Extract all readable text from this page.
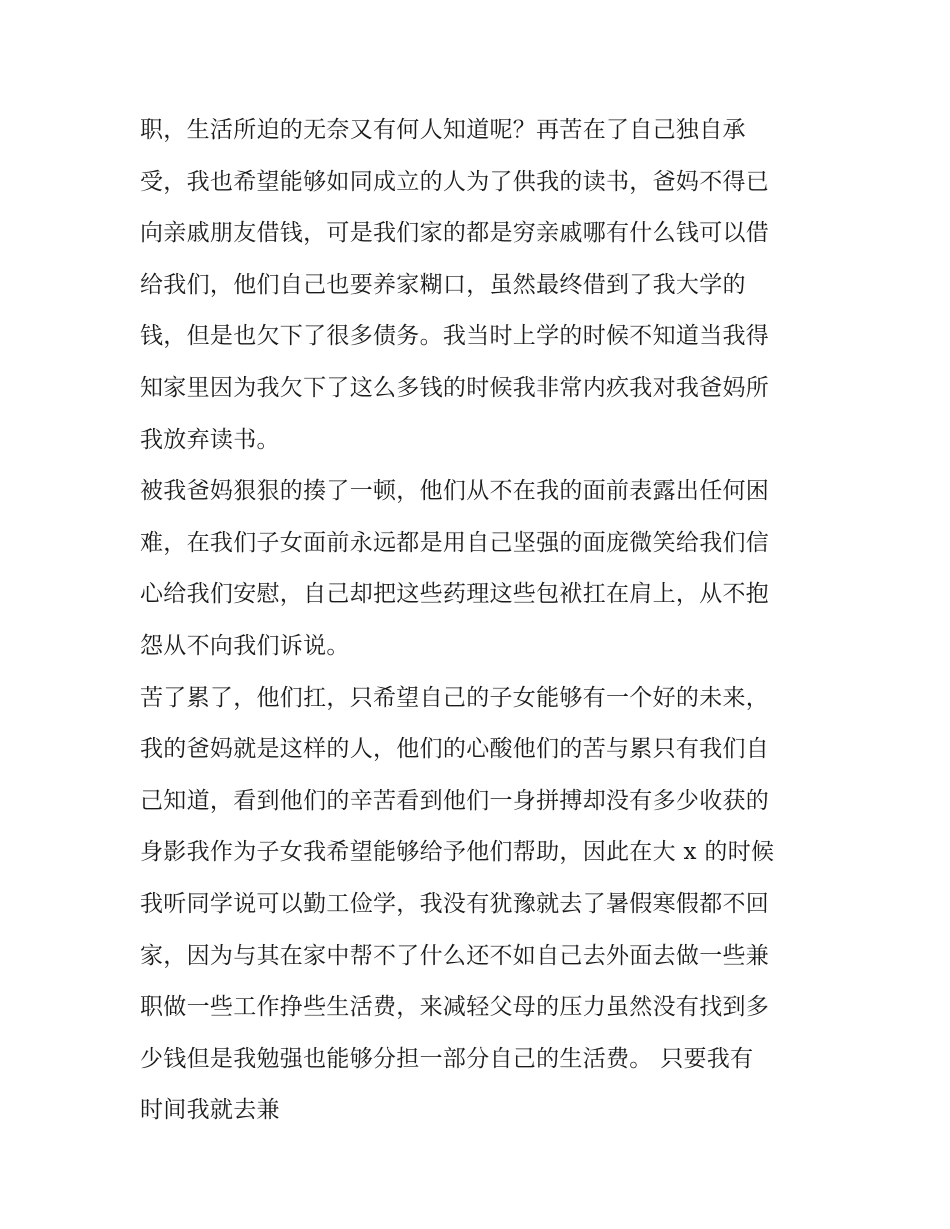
职，生活所迫的无奈又有何人知道呢？再苦在了自己独自承
受，我也希望能够如同成立的人为了供我的读书，爸妈不得已
向亲戚朋友借钱，可是我们家的都是穷亲戚哪有什么钱可以借
给我们，他们自己也要养家糊口，虽然最终借到了我大学的
钱，但是也欠下了很多债务。我当时上学的时候不知道当我得
知家里因为我欠下了这么多钱的时候我非常内疚我对我爸妈所
我放弃读书。
被我爸妈狠狠的揍了一顿，他们从不在我的面前表露出任何困
难，在我们子女面前永远都是用自己坚强的面庞微笑给我们信
心给我们安慰，自己却把这些药理这些包袱扛在肩上，从不抱
怨从不向我们诉说。
苦了累了，他们扛，只希望自己的子女能够有一个好的未来，
我的爸妈就是这样的人，他们的心酸他们的苦与累只有我们自
己知道，看到他们的辛苦看到他们一身拼搏却没有多少收获的
身影我作为子女我希望能够给予他们帮助，因此在大 x 的时候
我听同学说可以勤工俭学，我没有犹豫就去了暑假寒假都不回
家，因为与其在家中帮不了什么还不如自己去外面去做一些兼
职做一些工作挣些生活费，来减轻父母的压力虽然没有找到多
少钱但是我勉强也能够分担一部分自己的生活费。 只要我有
时间我就去兼
